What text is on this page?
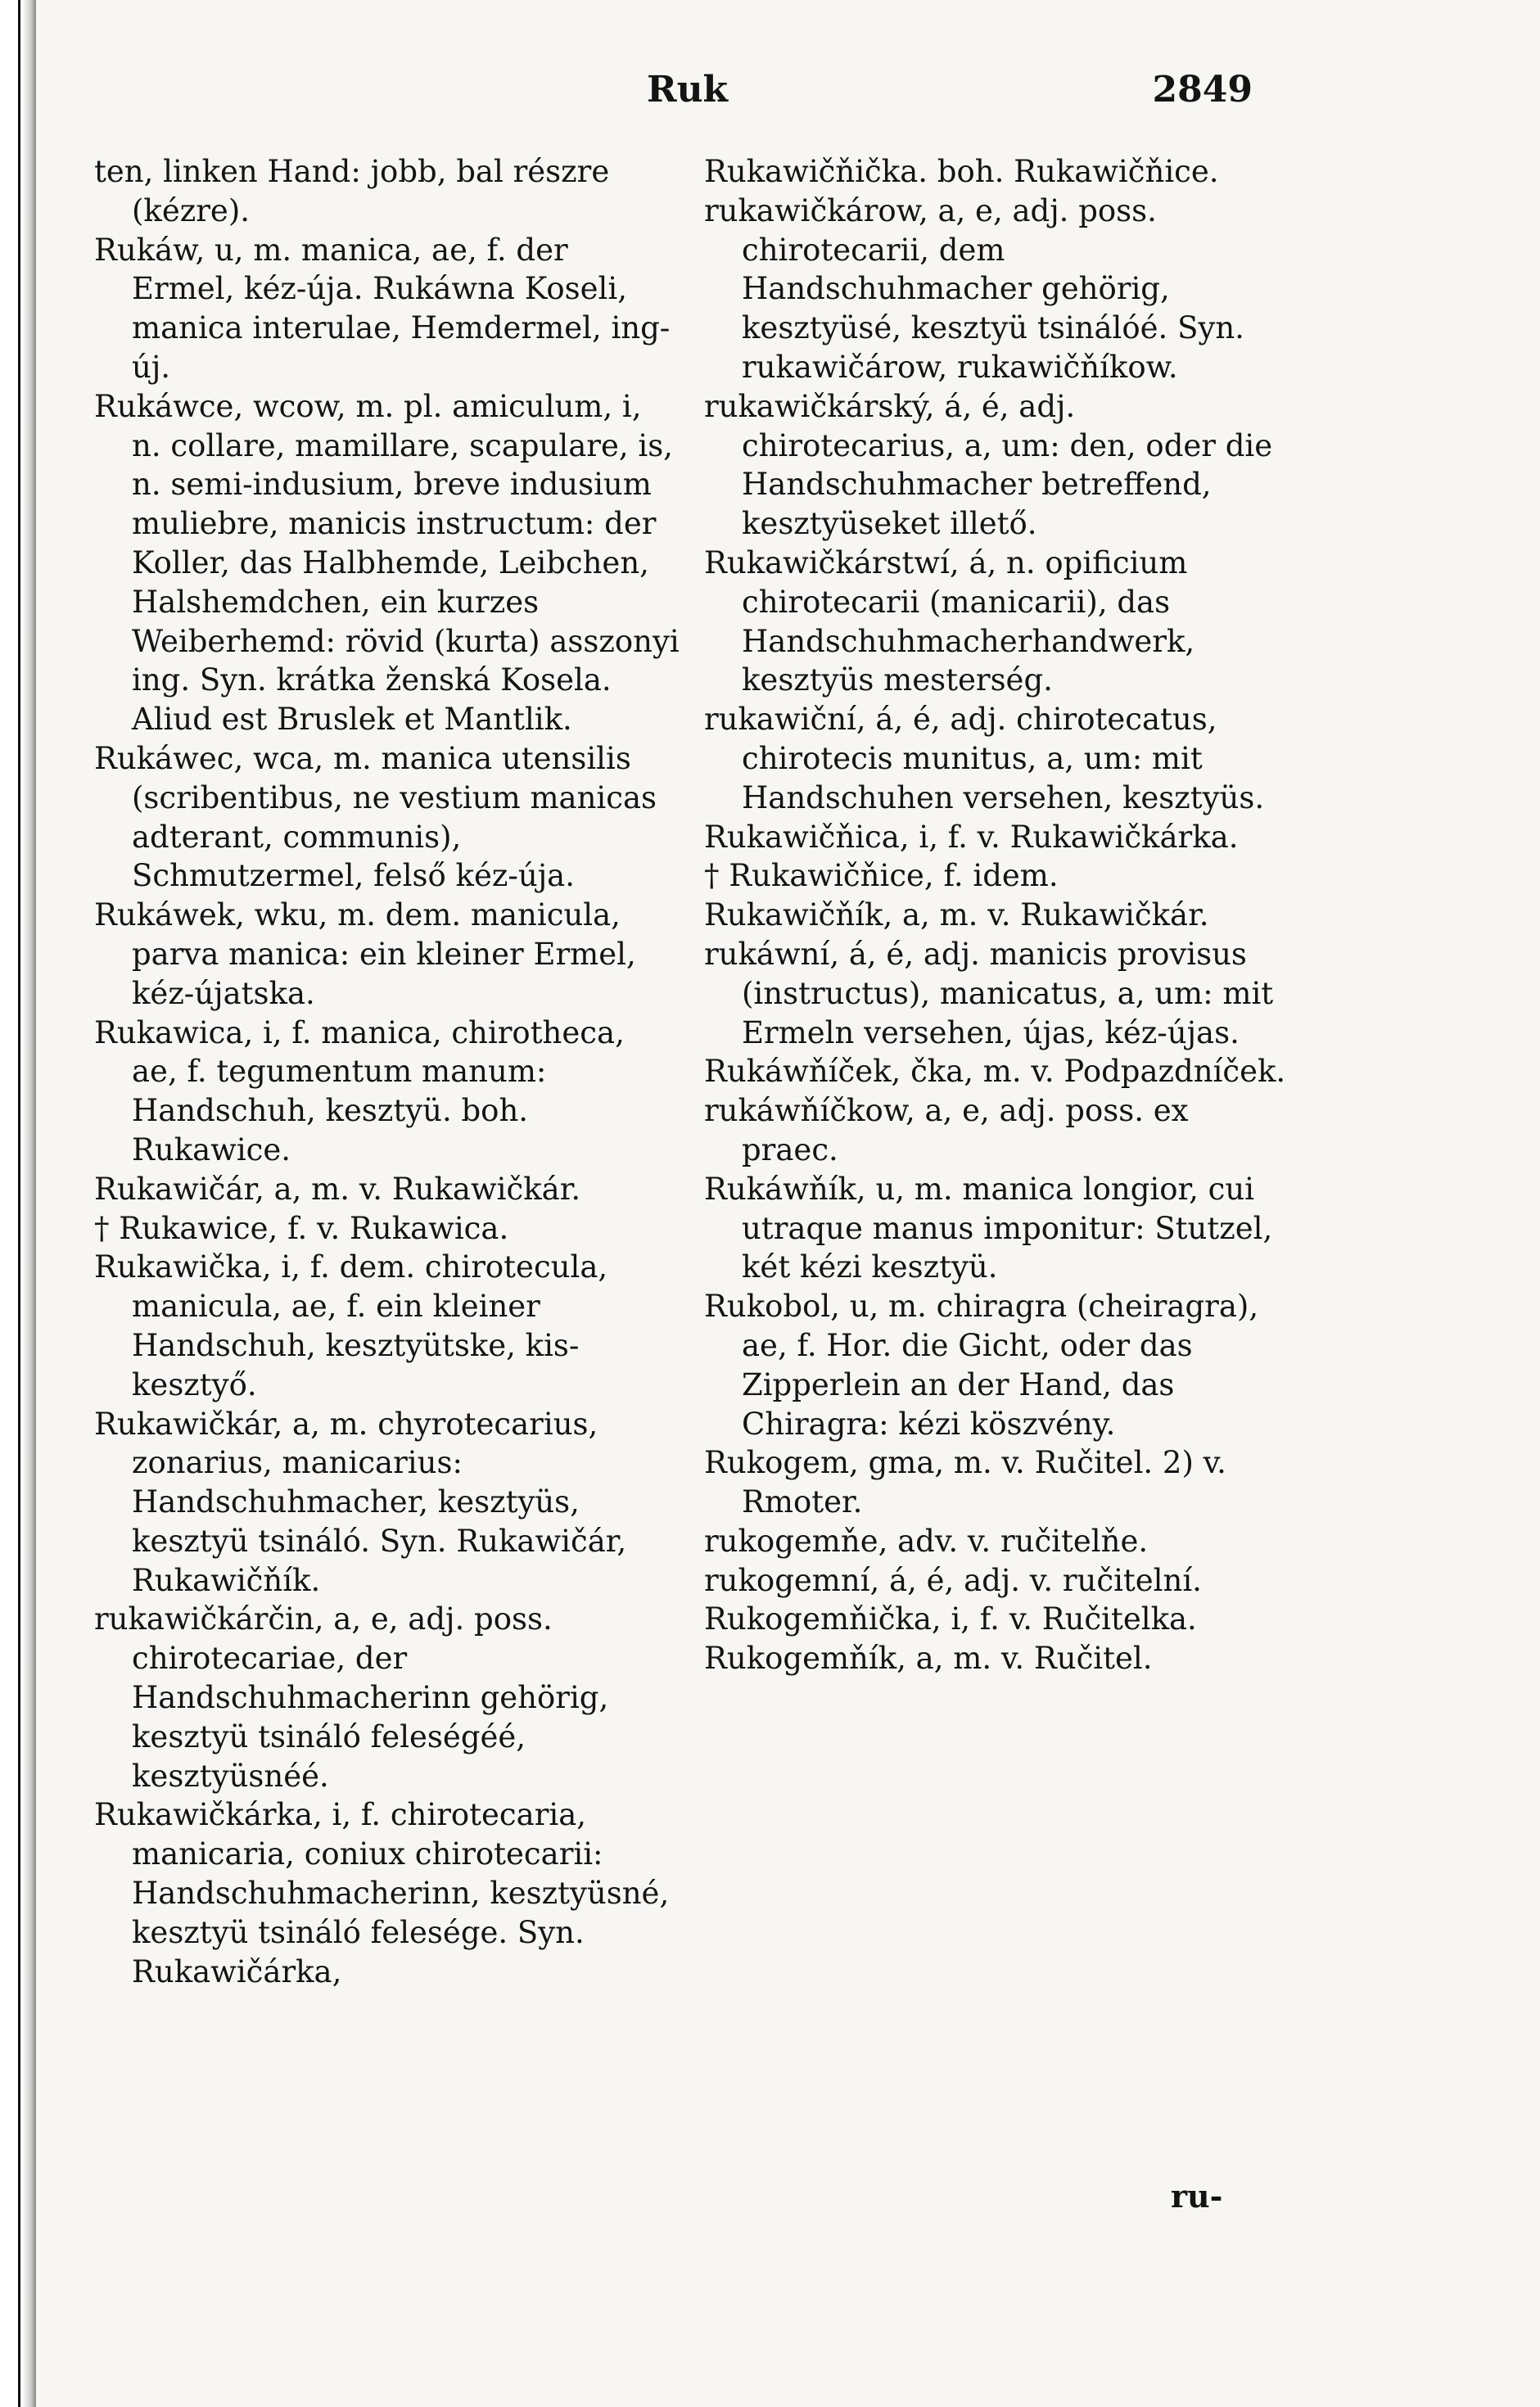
Ruk	2849

ten, linken Hand: jobb, bal részre (kézre).

Rukáw, u, m. manica, ae, f. der Ermel, kéz-újа. Rukáwna Koseli, manica interulae, Hemdermel, ing-új.

Rukáwce, wcow, m. pl. amiculum, i, n. collare, mamillare, scapulare, is, n. semi-indusium, breve indusium muliebre, manicis instructum: der Koller, das Halbhemde, Leibchen, Halshemdchen, ein kurzes Weiberhemd: rövid (kurta) asszonyi ing. Syn. krátka ženská Kosela. Aliud est Bruslek et Mantlik.

Rukáwec, wca, m. manica utensilis (scribentibus, ne vestium manicas adterant, communis), Schmutzermel, felső kéz-úja.

Rukáwek, wku, m. dem. manicula, parva manica: ein kleiner Ermel, kéz-újatska.

Rukawica, i, f. manica, chirotheca, ae, f. tegumentum manum: Handschuh, kesztyü. boh. Rukawice.

Rukawičár, a, m. v. Rukawičkár.

† Rukawice, f. v. Rukawica.

Rukawička, i, f. dem. chirotecula, manicula, ae, f. ein kleiner Handschuh, kesztyütske, kis-kesztyő.

Rukawičkár, a, m. chyrotecarius, zonarius, manicarius: Handschuhmacher, kesztyüs, kesztyü tsináló. Syn. Rukawičár, Rukawičňík.

rukawičkárčin, a, e, adj. poss. chirotecariae, der Handschuhmacherinn gehörig, kesztyü tsináló feleségéé, kesztyüsnéé.

Rukawičkárka, i, f. chirotecaria, manicaria, coniux chirotecarii: Handschuhmacherinn, kesztyüsné, kesztyü tsináló felesége. Syn. Rukawičárka,

Rukawičňička. boh. Rukawičňice.

rukawičkárow, a, e, adj. poss. chirotecarii, dem Handschuhmacher gehörig, kesztyüsé, kesztyü tsinálóé. Syn. rukawičárow, rukawičňíkow.

rukawičkárský, á, é, adj. chirotecarius, a, um: den, oder die Handschuhmacher betreffend, kesztyüseket illető.

Rukawičkárstwí, á, n. opificium chirotecarii (manicarii), das Handschuhmacherhandwerk, kesztyüs mesterség.

rukawiční, á, é, adj. chirotecatus, chirotecis munitus, a, um: mit Handschuhen versehen, kesztyüs.

Rukawičňica, i, f. v. Rukawičkárka.

† Rukawičňice, f. idem.

Rukawičňík, a, m. v. Rukawičkár.

rukáwní, á, é, adj. manicis provisus (instructus), manicatus, a, um: mit Ermeln versehen, újas, kéz-újas.

Rukáwňíček, čka, m. v. Podpazdníček.

rukáwňíčkow, a, e, adj. poss. ex praec.

Rukáwňík, u, m. manica longior, cui utraque manus imponitur: Stutzel, két kézi kesztyü.

Rukobol, u, m. chiragra (cheiragra), ae, f. Hor. die Gicht, oder das Zipperlein an der Hand, das Chiragra: kézi köszvény.

Rukogem, gma, m. v. Ručitel. 2) v. Rmoter.

rukogemňe, adv. v. ručitelňe.

rukogemní, á, é, adj. v. ručitelní.

Rukogemňička, i, f. v. Ručitelka.

Rukogemňík, a, m. v. Ručitel.

ru-
